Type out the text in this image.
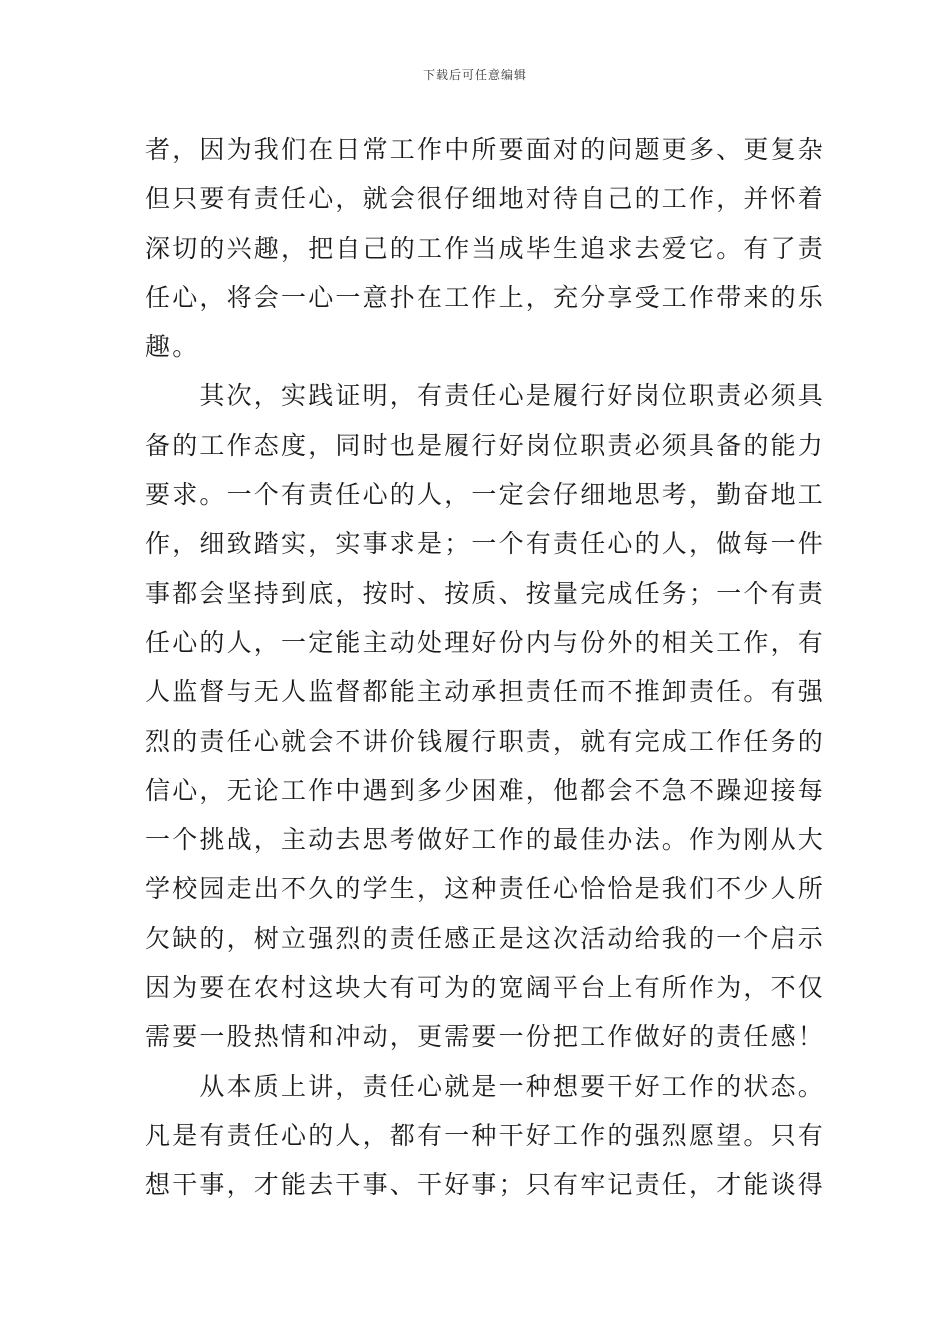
下载后可任意编辑
者，因为我们在日常工作中所要面对的问题更多、更复杂
但只要有责任心，就会很仔细地对待自己的工作，并怀着
深切的兴趣，把自己的工作当成毕生追求去爱它。有了责
任心，将会一心一意扑在工作上，充分享受工作带来的乐
趣。
　　其次，实践证明，有责任心是履行好岗位职责必须具
备的工作态度，同时也是履行好岗位职责必须具备的能力
要求。一个有责任心的人，一定会仔细地思考，勤奋地工
作，细致踏实，实事求是；一个有责任心的人，做每一件
事都会坚持到底，按时、按质、按量完成任务；一个有责
任心的人，一定能主动处理好份内与份外的相关工作，有
人监督与无人监督都能主动承担责任而不推卸责任。有强
烈的责任心就会不讲价钱履行职责，就有完成工作任务的
信心，无论工作中遇到多少困难，他都会不急不躁迎接每
一个挑战，主动去思考做好工作的最佳办法。作为刚从大
学校园走出不久的学生，这种责任心恰恰是我们不少人所
欠缺的，树立强烈的责任感正是这次活动给我的一个启示
因为要在农村这块大有可为的宽阔平台上有所作为，不仅
需要一股热情和冲动，更需要一份把工作做好的责任感！
　　从本质上讲，责任心就是一种想要干好工作的状态。
凡是有责任心的人，都有一种干好工作的强烈愿望。只有
想干事，才能去干事、干好事；只有牢记责任，才能谈得
